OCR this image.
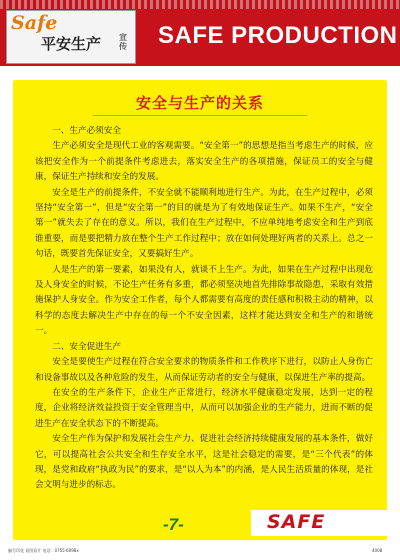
Safe
平安生产 宣传 SAFE PRODUCTION
安全与生产的关系

一、生产必须安全

生产必须安全是现代工业的客观需要。“安全第一”的思想是指当考虑生产的时候，应该把安全作为一个前提条件考虑进去，落实安全生产的各项措施，保证员工的安全与健康，保证生产持续和安全的发展。

安全是生产的前提条件，不安全就不能顺利地进行生产。为此，在生产过程中，必须坚持“安全第一”，但是“安全第一”的目的就是为了有效地保证生产。如果不生产，“安全第一”就失去了存在的意义。所以，我们在生产过程中，不应单纯地考虑安全和生产到底谁重要，而是要把精力放在整个生产工作过程中；放在如何处理好两者的关系上。总之一句话，既要首先保证安全，又要搞好生产。

人是生产的第一要素，如果没有人，就谈不上生产。为此，如果在生产过程中出现危及人身安全的时候，不论生产任务有多重，都必须坚决地首先排除事故隐患，采取有效措施保护人身安全。作为安全工作者，每个人都需要有高度的责任感和积极主动的精神，以科学的态度去解决生产中存在的每一个不安全因素，这样才能达到安全和生产的和谐统一。

二、安全促进生产

安全是要使生产过程在符合安全要求的物质条件和工作秩序下进行，以防止人身伤亡和设备事故以及各种危险的发生，从而保证劳动者的安全与健康，以保进生产率的提高。

在安全的生产条件下，企业生产正常进行，经济水平健康稳定发展，达到一定的程度，企业将经济效益投资于安全管理当中，从而可以加强企业的生产能力，进而不断的促进生产在安全状态下的不断提高。

安全生产作为保护和发展社会生产力、促进社会经济持续健康发展的基本条件，做好它，可以提高社会公共安全和生存安全水平，这是社会稳定的需要，是“三个代表”的体现，是党和政府“执政为民”的要求，是“以人为本”的内涵，是人民生活质量的体现，是社会文明与进步的标志。

-7-	SAFE
编号印花 看图看片 电话：0755-6098x	4008
